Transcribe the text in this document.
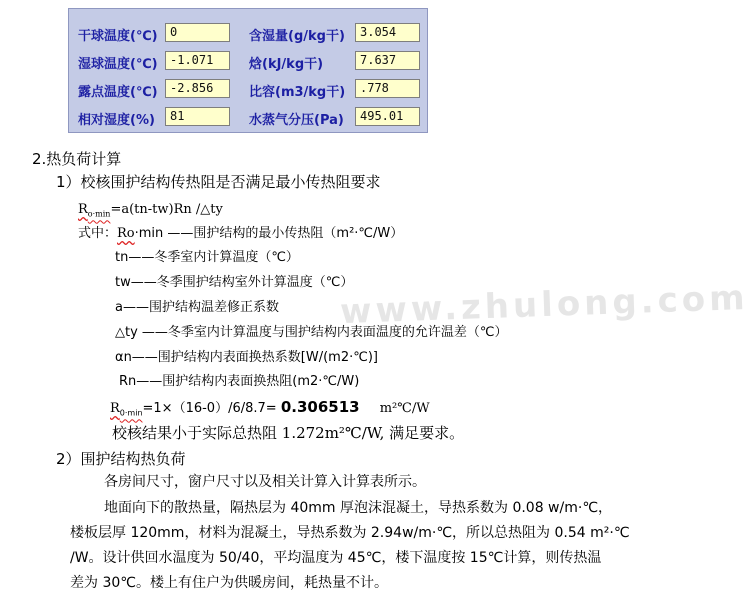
干球温度(℃)	0	含湿量(g/kg干)	3.054
湿球温度(℃)	-1.071	焓(kJ/kg干)	7.637
露点温度(℃)	-2.856	比容(m3/kg干)	.778
相对湿度(%)	81	水蒸气分压(Pa)	495.01
www.zhulong.com
2.热负荷计算
1）校核围护结构传热阻是否满足最小传热阻要求
$R_{o\cdot min}=a(tn-tw)Rn$ /△ty
式中：Ro·min ——围护结构的最小传热阻（m²·℃/W）
tn——冬季室内计算温度（℃）
tw——冬季围护结构室外计算温度（℃）
a——围护结构温差修正系数
△ty ——冬季室内计算温度与围护结构内表面温度的允许温差（℃）
αn——围护结构内表面换热系数[W/(m2·℃)]
Rn——围护结构内表面换热阻(m2·℃/W)
$R_{0\cdot min}=1\times(16-0)/6/8.7= 0.306513$ m²℃/W
校核结果小于实际总热阻 1.272m²℃/W, 满足要求。
2）围护结构热负荷
各房间尺寸，窗户尺寸以及相关计算入计算表所示。
地面向下的散热量，隔热层为 40mm 厚泡沫混凝土，导热系数为 0.08 w/m·℃，
楼板层厚 120mm，材料为混凝土，导热系数为 2.94w/m·℃，所以总热阻为 0.54 m²·℃
/W。设计供回水温度为 50/40，平均温度为 45℃，楼下温度按 15℃计算，则传热温
差为 30℃。楼上有住户为供暖房间，耗热量不计。
